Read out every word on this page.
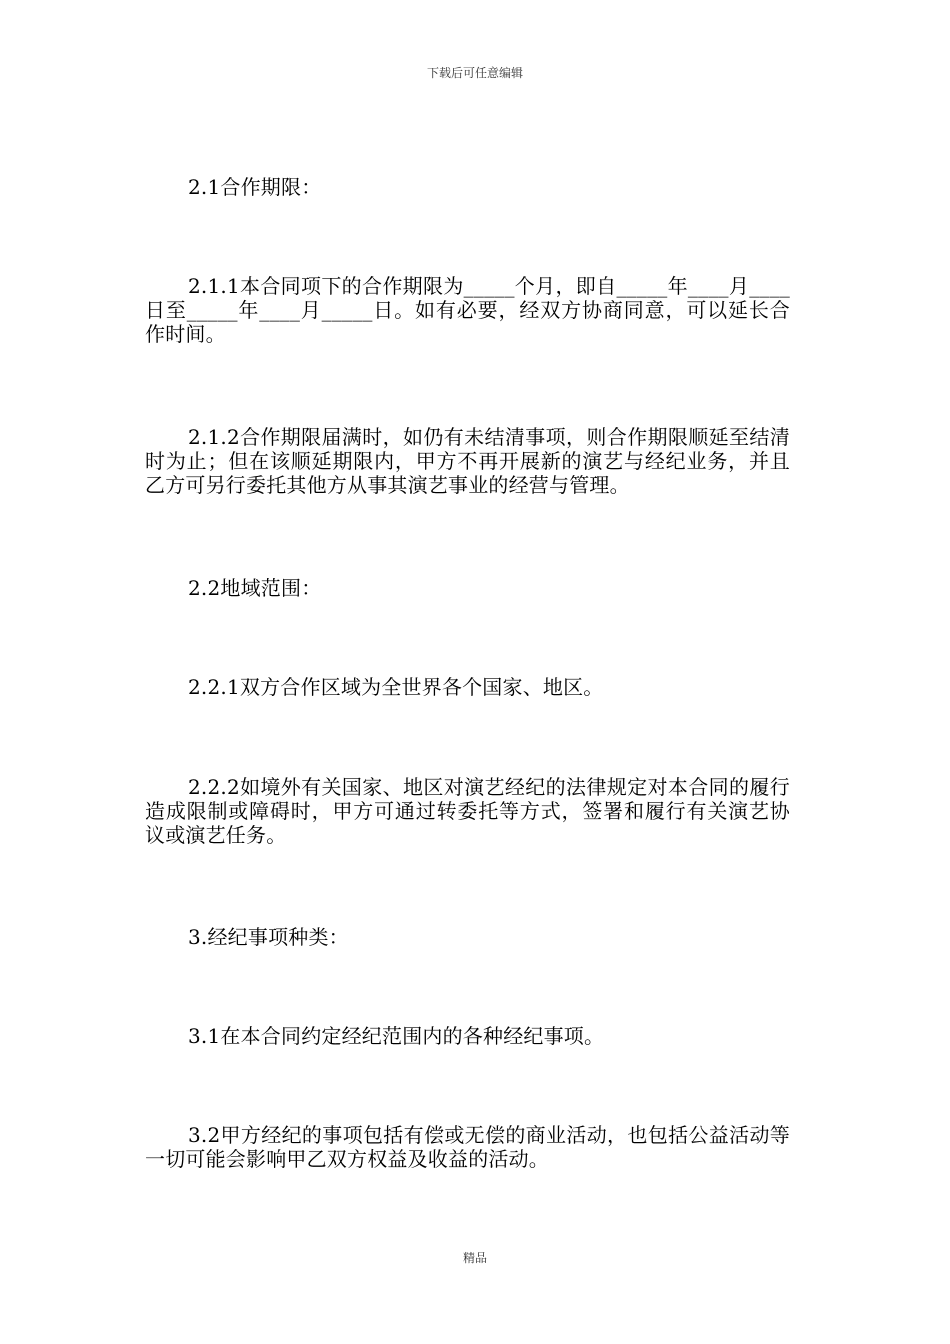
下载后可任意编辑
2.1合作期限：
2.1.1本合同项下的合作期限为_____个月，即自_____年____月____日至_____年____月_____日。如有必要，经双方协商同意，可以延长合作时间。
2.1.2合作期限届满时，如仍有未结清事项，则合作期限顺延至结清时为止；但在该顺延期限内，甲方不再开展新的演艺与经纪业务，并且乙方可另行委托其他方从事其演艺事业的经营与管理。
2.2地域范围：
2.2.1双方合作区域为全世界各个国家、地区。
2.2.2如境外有关国家、地区对演艺经纪的法律规定对本合同的履行造成限制或障碍时，甲方可通过转委托等方式，签署和履行有关演艺协议或演艺任务。
3.经纪事项种类：
3.1在本合同约定经纪范围内的各种经纪事项。
3.2甲方经纪的事项包括有偿或无偿的商业活动，也包括公益活动等一切可能会影响甲乙双方权益及收益的活动。
精品
